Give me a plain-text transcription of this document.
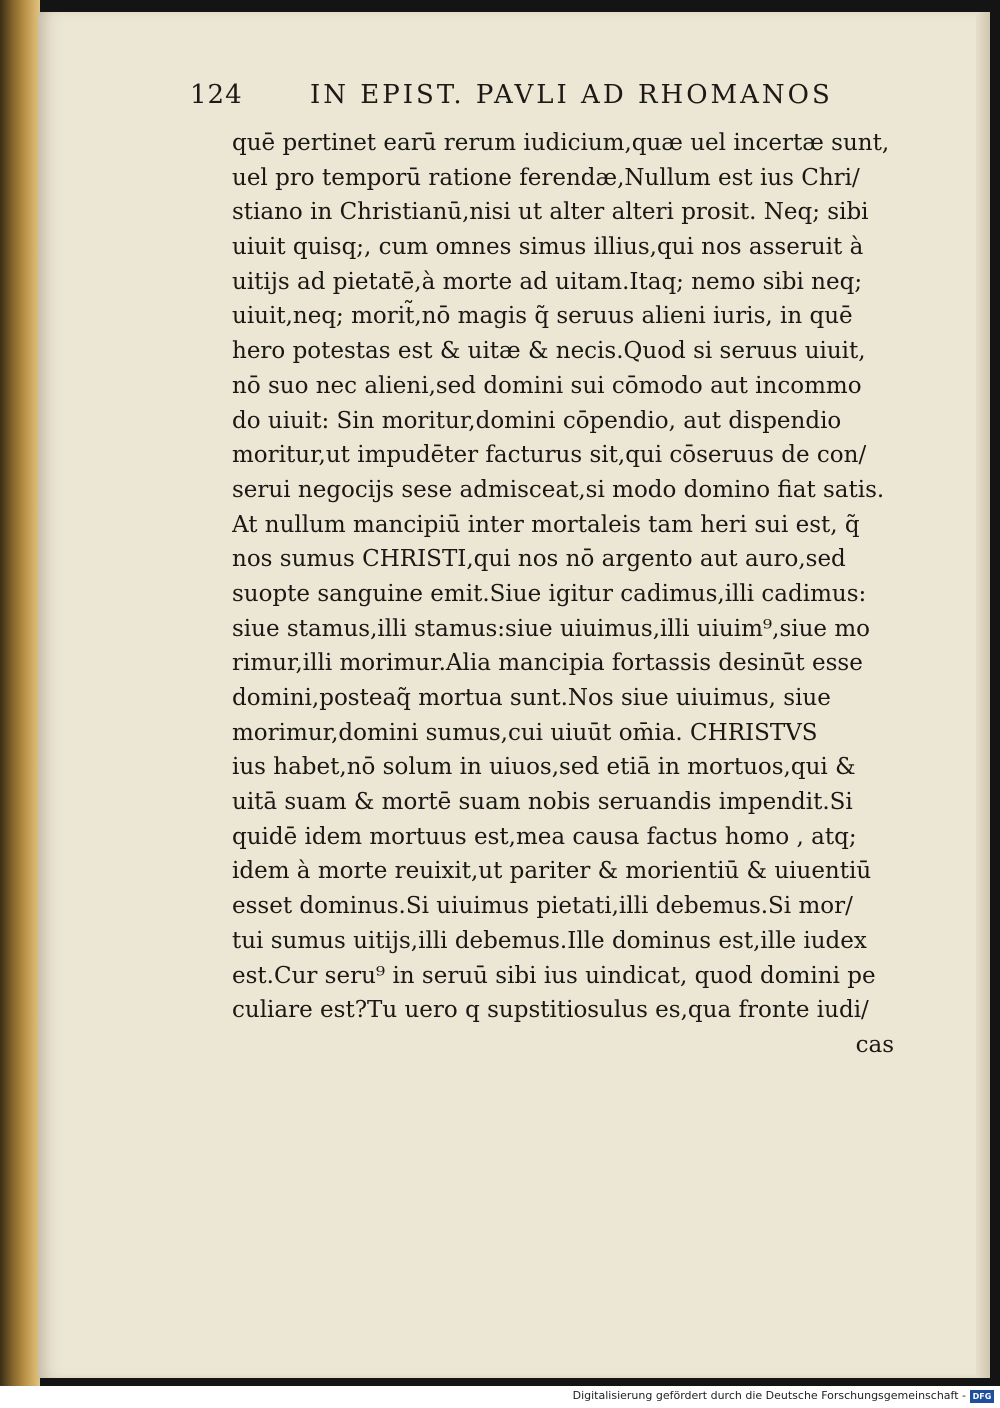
124	IN EPIST. PAVLI AD RHOMANOS
quē pertinet earū rerum iudicium,quæ uel incertæ sunt,
uel pro temporū ratione ferendæ,Nullum est ius Chri/
stiano in Christianū,nisi ut alter alteri prosit. Neq; sibi
uiuit quisq;, cum omnes simus illius,qui nos asseruit à
uitijs ad pietatē,à morte ad uitam.Itaq; nemo sibi neq;
uiuit,neq; morit̃,nō magis q̃ seruus alieni iuris, in quē
hero potestas est & uitæ & necis.Quod si seruus uiuit,
nō suo nec alieni,sed domini sui cōmodo aut incommo
do uiuit: Sin moritur,domini cōpendio, aut dispendio
moritur,ut impudēter facturus sit,qui cōseruus de con/
serui negocijs sese admisceat,si modo domino fiat satis.
At nullum mancipiū inter mortaleis tam heri sui est, q̃
nos sumus CHRISTI,qui nos nō argento aut auro,sed
suopte sanguine emit.Siue igitur cadimus,illi cadimus:
siue stamus,illi stamus:siue uiuimus,illi uiuim⁹,siue mo
rimur,illi morimur.Alia mancipia fortassis desinūt esse
domini,posteaq̃ mortua sunt.Nos siue uiuimus, siue
morimur,domini sumus,cui uiuūt om̄ia. CHRISTVS
ius habet,nō solum in uiuos,sed etiā in mortuos,qui &
uitā suam & mortē suam nobis seruandis impendit.Si
quidē idem mortuus est,mea causa factus homo , atq;
idem à morte reuixit,ut pariter & morientiū & uiuentiū
esset dominus.Si uiuimus pietati,illi debemus.Si mor/
tui sumus uitijs,illi debemus.Ille dominus est,ille iudex
est.Cur seru⁹ in seruū sibi ius uindicat, quod domini pe
culiare est?Tu uero q supstitiosulus es,qua fronte iudi/
cas
Digitalisierung gefördert durch die Deutsche Forschungsgemeinschaft - DFG
